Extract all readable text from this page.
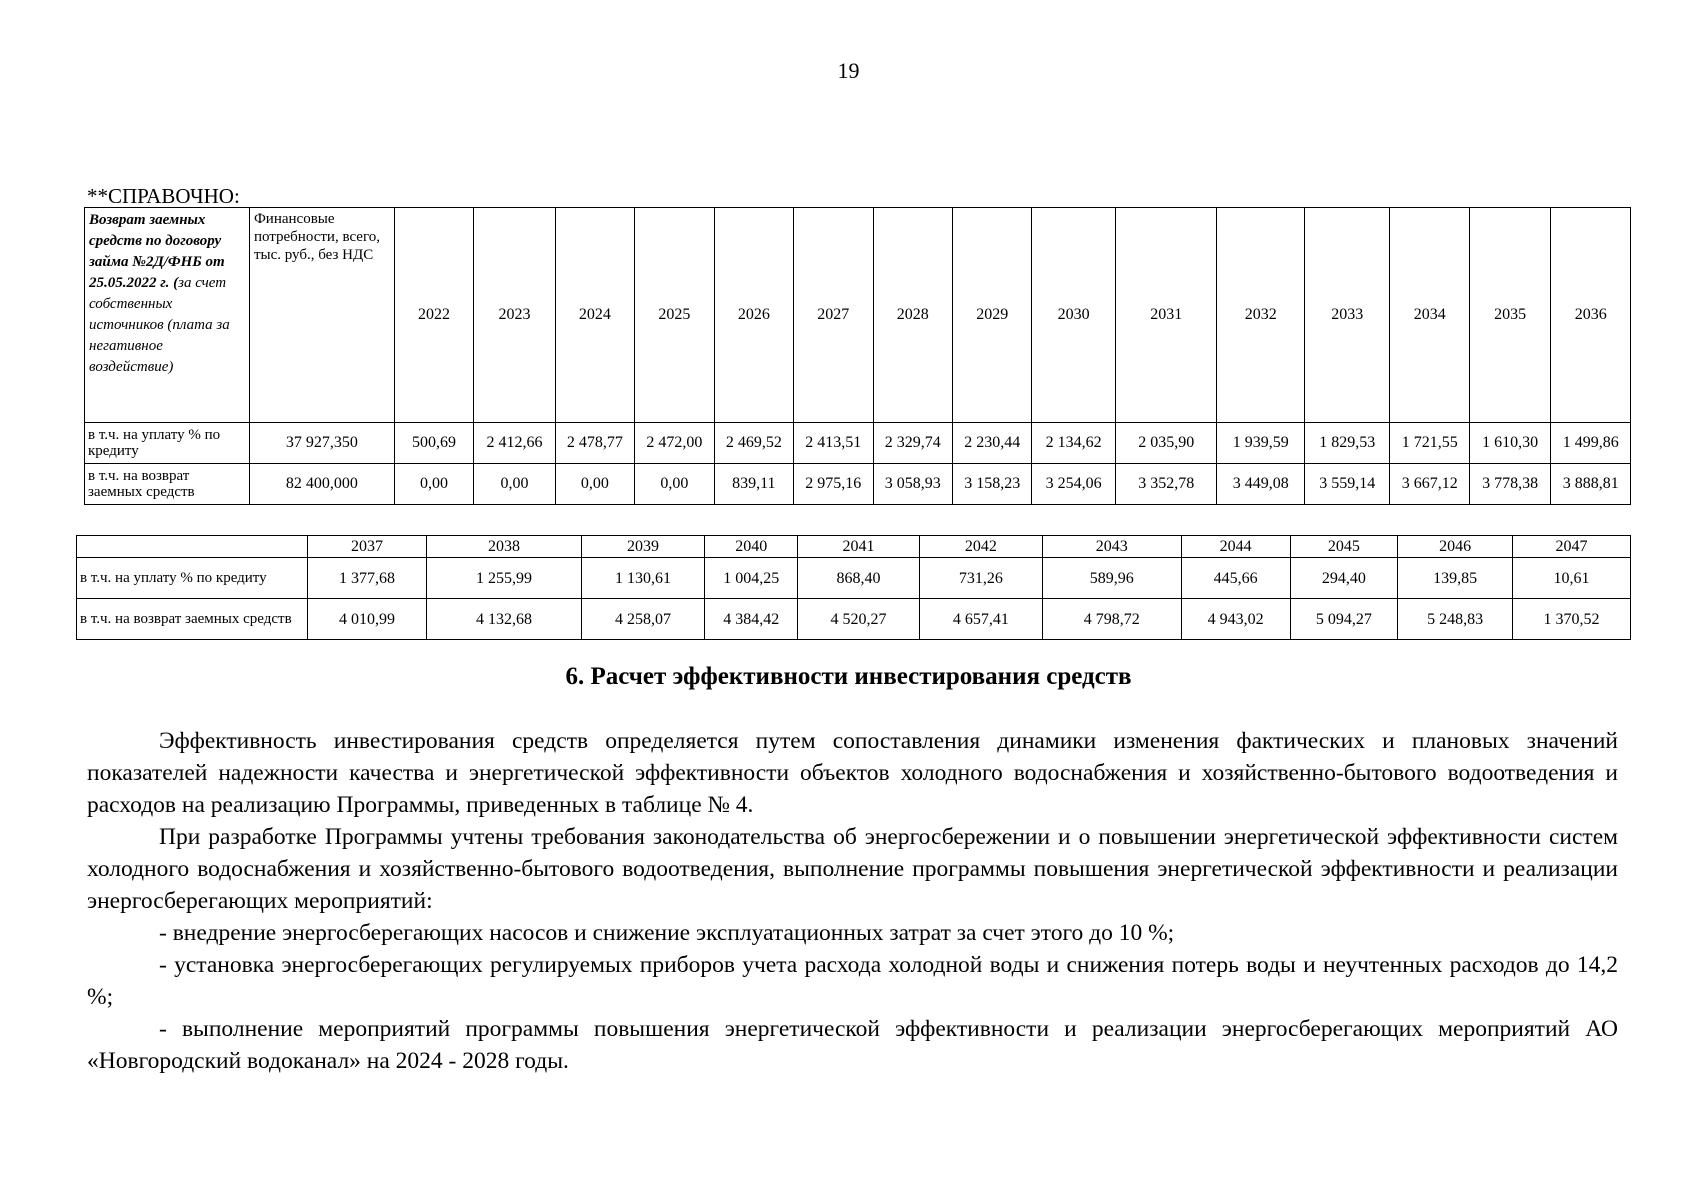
19
**СПРАВОЧНО:
Возврат заемных средств по договору займа №2Д/ФНБ от 25.05.2022 г. (за счет собственных источников (плата за негативное воздействие)	Финансовые потребности, всего, тыс. руб., без НДС	2022	2023	2024	2025	2026	2027	2028	2029	2030	2031	2032	2033	2034	2035	2036
в т.ч. на уплату % по кредиту	37 927,350	500,69	2 412,66	2 478,77	2 472,00	2 469,52	2 413,51	2 329,74	2 230,44	2 134,62	2 035,90	1 939,59	1 829,53	1 721,55	1 610,30	1 499,86
в т.ч. на возврат заемных средств	82 400,000	0,00	0,00	0,00	0,00	839,11	2 975,16	3 058,93	3 158,23	3 254,06	3 352,78	3 449,08	3 559,14	3 667,12	3 778,38	3 888,81
	2037	2038	2039	2040	2041	2042	2043	2044	2045	2046	2047
в т.ч. на уплату % по кредиту	1 377,68	1 255,99	1 130,61	1 004,25	868,40	731,26	589,96	445,66	294,40	139,85	10,61
в т.ч. на возврат заемных средств	4 010,99	4 132,68	4 258,07	4 384,42	4 520,27	4 657,41	4 798,72	4 943,02	5 094,27	5 248,83	1 370,52
6. Расчет эффективности инвестирования средств

Эффективность инвестирования средств определяется путем сопоставления динамики изменения фактических и плановых значений показателей надежности качества и энергетической эффективности объектов холодного водоснабжения и хозяйственно-бытового водоотведения и расходов на реализацию Программы, приведенных в таблице № 4.

При разработке Программы учтены требования законодательства об энергосбережении и о повышении энергетической эффективности систем холодного водоснабжения и хозяйственно-бытового водоотведения, выполнение программы повышения энергетической эффективности и реализации энергосберегающих мероприятий:

- внедрение энергосберегающих насосов и снижение эксплуатационных затрат за счет этого до 10 %;

- установка энергосберегающих регулируемых приборов учета расхода холодной воды и снижения потерь воды и неучтенных расходов до 14,2 %;

- выполнение мероприятий программы повышения энергетической эффективности и реализации энергосберегающих мероприятий АО «Новгородский водоканал» на 2024 - 2028 годы.
